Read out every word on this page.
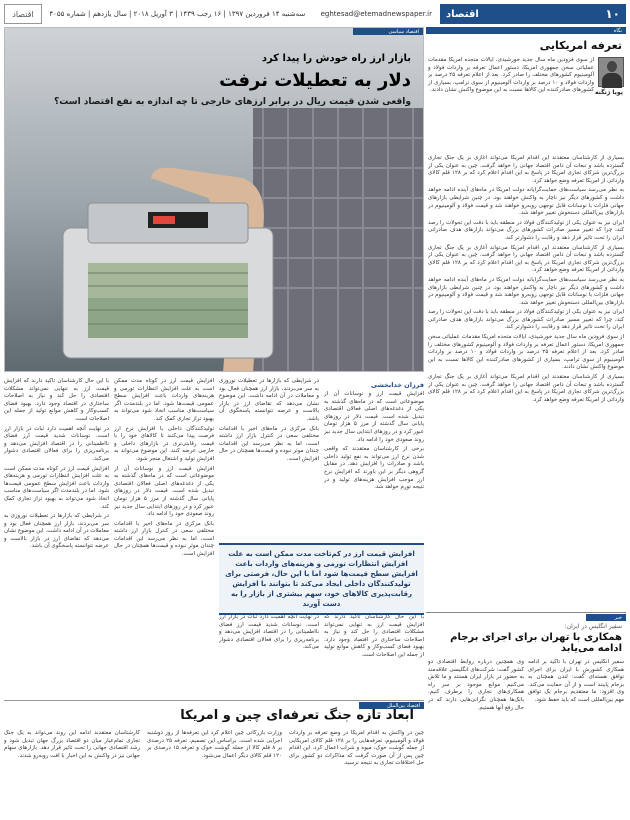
اقتصاد	سه‌شنبه ۱۴ فروردین ۱۳۹۷ | ۱۶ رجب ۱۴۳۹ | ۳ آوریل ۲۰۱۸ | سال یازدهم | شماره ۴۰۵۵	eghtesad@etemadnewspaper.ir	۱۰
اقتصاد
نگاه
تعرفه امریکایی
پویا ژنگنه

از سوی فرودین ماه سال جدید خورشیدی، ایالات متحده امریکا مقدمات عملیاتی سخن جمهوری امریکا، دستور اعمال تعرفه بر واردات فولاد و آلومینیوم کشورهای مختلف را صادر کرد. بعد از اعلام تعرفه ۲۵ درصد بر واردات فولاد و ۱۰ درصد بر واردات آلومینیوم از سوی ترامپ، بسیاری از کشورهای صادرکننده این کالاها نسبت به این موضوع واکنش نشان دادند.

بسیاری از کارشناسان معتقدند این اقدام امریکا می‌تواند آغازی بر یک جنگ تجاری گسترده باشد و تبعات آن دامن اقتصاد جهانی را خواهد گرفت. چین به عنوان یکی از بزرگ‌ترین شرکای تجاری امریکا در پاسخ به این اقدام اعلام کرد که بر ۱۲۸ قلم کالای وارداتی از امریکا تعرفه وضع خواهد کرد.

به نظر می‌رسد سیاست‌های حمایت‌گرایانه دولت امریکا در ماه‌های آینده ادامه خواهد داشت و کشورهای دیگر نیز ناچار به واکنش خواهند بود. در چنین شرایطی بازارهای جهانی فلزات با نوسانات قابل توجهی روبه‌رو خواهند شد و قیمت فولاد و آلومینیوم در بازارهای بین‌المللی دستخوش تغییر خواهد شد.

ایران نیز به عنوان یکی از تولیدکنندگان فولاد در منطقه باید با دقت این تحولات را رصد کند، چرا که تغییر مسیر صادرات کشورهای بزرگ می‌تواند بازارهای هدف صادراتی ایران را تحت تاثیر قرار دهد و رقابت را دشوارتر کند.

بسیاری از کارشناسان معتقدند این اقدام امریکا می‌تواند آغازی بر یک جنگ تجاری گسترده باشد و تبعات آن دامن اقتصاد جهانی را خواهد گرفت. چین به عنوان یکی از بزرگ‌ترین شرکای تجاری امریکا در پاسخ به این اقدام اعلام کرد که بر ۱۲۸ قلم کالای وارداتی از امریکا تعرفه وضع خواهد کرد.

به نظر می‌رسد سیاست‌های حمایت‌گرایانه دولت امریکا در ماه‌های آینده ادامه خواهد داشت و کشورهای دیگر نیز ناچار به واکنش خواهند بود. در چنین شرایطی بازارهای جهانی فلزات با نوسانات قابل توجهی روبه‌رو خواهند شد و قیمت فولاد و آلومینیوم در بازارهای بین‌المللی دستخوش تغییر خواهد شد.

ایران نیز به عنوان یکی از تولیدکنندگان فولاد در منطقه باید با دقت این تحولات را رصد کند، چرا که تغییر مسیر صادرات کشورهای بزرگ می‌تواند بازارهای هدف صادراتی ایران را تحت تاثیر قرار دهد و رقابت را دشوارتر کند.

از سوی فرودین ماه سال جدید خورشیدی، ایالات متحده امریکا مقدمات عملیاتی سخن جمهوری امریکا، دستور اعمال تعرفه بر واردات فولاد و آلومینیوم کشورهای مختلف را صادر کرد. بعد از اعلام تعرفه ۲۵ درصد بر واردات فولاد و ۱۰ درصد بر واردات آلومینیوم از سوی ترامپ، بسیاری از کشورهای صادرکننده این کالاها نسبت به این موضوع واکنش نشان دادند.

بسیاری از کارشناسان معتقدند این اقدام امریکا می‌تواند آغازی بر یک جنگ تجاری گسترده باشد و تبعات آن دامن اقتصاد جهانی را خواهد گرفت. چین به عنوان یکی از بزرگ‌ترین شرکای تجاری امریکا در پاسخ به این اقدام اعلام کرد که بر ۱۲۸ قلم کالای وارداتی از امریکا تعرفه وضع خواهد کرد.

اقتصاد سیاسی
بازار ارز راه خودش را پیدا کرد
دلار به تعطیلات نرفت
واقعی شدن قیمت ریال در برابر ارزهای خارجی تا چه اندازه به نفع اقتصاد است؟
فرزان خدابخشی

افزایش قیمت ارز و نوسانات آن از موضوعاتی است که در ماه‌های گذشته به یکی از دغدغه‌های اصلی فعالان اقتصادی تبدیل شده است. قیمت دلار در روزهای پایانی سال گذشته از مرز ۵ هزار تومان عبور کرد و در روزهای ابتدایی سال جدید نیز روند صعودی خود را ادامه داد.

برخی از کارشناسان معتقدند که واقعی شدن نرخ ارز می‌تواند به نفع تولید داخلی باشد و صادرات را افزایش دهد. در مقابل گروهی دیگر بر این باورند که افزایش نرخ ارز موجب افزایش هزینه‌های تولید و در نتیجه تورم خواهد شد.

در شرایطی که بازارها در تعطیلات نوروزی به سر می‌بردند، بازار ارز همچنان فعال بود و معاملات در آن ادامه داشت. این موضوع نشان می‌دهد که تقاضای ارز در بازار بالاست و عرضه نتوانسته پاسخگوی آن باشد.

بانک مرکزی در ماه‌های اخیر با اقدامات مختلفی سعی در کنترل بازار ارز داشته است، اما به نظر می‌رسد این اقدامات چندان موثر نبوده و قیمت‌ها همچنان در حال افزایش است.

افزایش قیمت ارز در کوتاه مدت ممکن است به علت افزایش انتظارات تورمی و هزینه‌های واردات باعث افزایش سطح عمومی قیمت‌ها شود. اما در بلندمدت اگر سیاست‌های مناسب اتخاذ شود می‌تواند به بهبود تراز تجاری کمک کند.

تولیدکنندگان داخلی با افزایش نرخ ارز فرصت پیدا می‌کنند تا کالاهای خود را با قیمت رقابتی‌تری در بازارهای داخلی و خارجی عرضه کنند. این موضوع می‌تواند به افزایش تولید و اشتغال منجر شود.

افزایش قیمت ارز و نوسانات آن از موضوعاتی است که در ماه‌های گذشته به یکی از دغدغه‌های اصلی فعالان اقتصادی تبدیل شده است. قیمت دلار در روزهای پایانی سال گذشته از مرز ۵ هزار تومان عبور کرد و در روزهای ابتدایی سال جدید نیز روند صعودی خود را ادامه داد.

بانک مرکزی در ماه‌های اخیر با اقدامات مختلفی سعی در کنترل بازار ارز داشته است، اما به نظر می‌رسد این اقدامات چندان موثر نبوده و قیمت‌ها همچنان در حال افزایش است.

با این حال کارشناسان تاکید دارند که افزایش قیمت ارز به تنهایی نمی‌تواند مشکلات اقتصادی را حل کند و نیاز به اصلاحات ساختاری در اقتصاد وجود دارد. بهبود فضای کسب‌وکار و کاهش موانع تولید از جمله این اصلاحات است.

در نهایت آنچه اهمیت دارد ثبات در بازار ارز است. نوسانات شدید قیمت ارز فضای نااطمینانی را در اقتصاد افزایش می‌دهد و برنامه‌ریزی را برای فعالان اقتصادی دشوار می‌کند.

افزایش قیمت ارز در کوتاه مدت ممکن است به علت افزایش انتظارات تورمی و هزینه‌های واردات باعث افزایش سطح عمومی قیمت‌ها شود. اما در بلندمدت اگر سیاست‌های مناسب اتخاذ شود می‌تواند به بهبود تراز تجاری کمک کند.

در شرایطی که بازارها در تعطیلات نوروزی به سر می‌بردند، بازار ارز همچنان فعال بود و معاملات در آن ادامه داشت. این موضوع نشان می‌دهد که تقاضای ارز در بازار بالاست و عرضه نتوانسته پاسخگوی آن باشد.

افزایش قیمت ارز در کم‌تاخت مدت ممکن است به علت افزایش انتظارات تورمی و هزینه‌های واردات باعث افزایش سطح قیمت‌ها شود اما با این حال، فرصتی برای تولیدکنندگان داخلی ایجاد می‌کند تا بتوانند با افزایش رقابت‌پذیری کالاهای خود، سهم بیشتری از بازار را به دست آورند

با این حال کارشناسان تاکید دارند که افزایش قیمت ارز به تنهایی نمی‌تواند مشکلات اقتصادی را حل کند و نیاز به اصلاحات ساختاری در اقتصاد وجود دارد. بهبود فضای کسب‌وکار و کاهش موانع تولید از جمله این اصلاحات است.

در نهایت آنچه اهمیت دارد ثبات در بازار ارز است. نوسانات شدید قیمت ارز فضای نااطمینانی را در اقتصاد افزایش می‌دهد و برنامه‌ریزی را برای فعالان اقتصادی دشوار می‌کند.

اقتصاد بین‌الملل
ابعاد تازه جنگ تعرفه‌ای چین و امریکا

چین در واکنش به اقدام امریکا در وضع تعرفه بر واردات فولاد و آلومینیوم، تعرفه‌هایی را بر ۱۲۸ قلم کالای امریکایی از جمله گوشت خوک، میوه و شراب اعمال کرد. این اقدام چین پس از آن صورت گرفت که مذاکرات دو کشور برای حل اختلافات تجاری به نتیجه نرسید.

وزارت بازرگانی چین اعلام کرد این تعرفه‌ها از روز دوشنبه اجرایی شده است. براساس این تصمیم، تعرفه ۲۵ درصدی بر ۸ قلم کالا از جمله گوشت خوک و تعرفه ۱۵ درصدی بر ۱۲۰ قلم کالای دیگر اعمال می‌شود.

کارشناسان معتقدند ادامه این روند می‌تواند به یک جنگ تجاری تمام‌عیار میان دو اقتصاد بزرگ جهان تبدیل شود و رشد اقتصادی جهانی را تحت تاثیر قرار دهد. بازارهای سهام جهانی نیز در واکنش به این اخبار با افت روبه‌رو شدند.

خبر
سفیر انگلیس در ایران:
همکاری با تهران برای اجرای برجام ادامه می‌یابد

سفیر انگلیس در تهران با تاکید بر ادامه همکاری کشورش با ایران برای اجرای توافق هسته‌ای گفت: لندن همچنان به برجام پایبند است و از آن حمایت می‌کند. وی افزود: ما معتقدیم برجام یک توافق مهم بین‌المللی است که باید حفظ شود.

وی همچنین درباره روابط اقتصادی دو کشور گفت: شرکت‌های انگلیسی علاقه‌مند به حضور در بازار ایران هستند و ما تلاش می‌کنیم موانع موجود بر سر راه همکاری‌های تجاری را برطرف کنیم. بانک‌ها همچنان نگرانی‌هایی دارند که در حال رفع آنها هستیم.
